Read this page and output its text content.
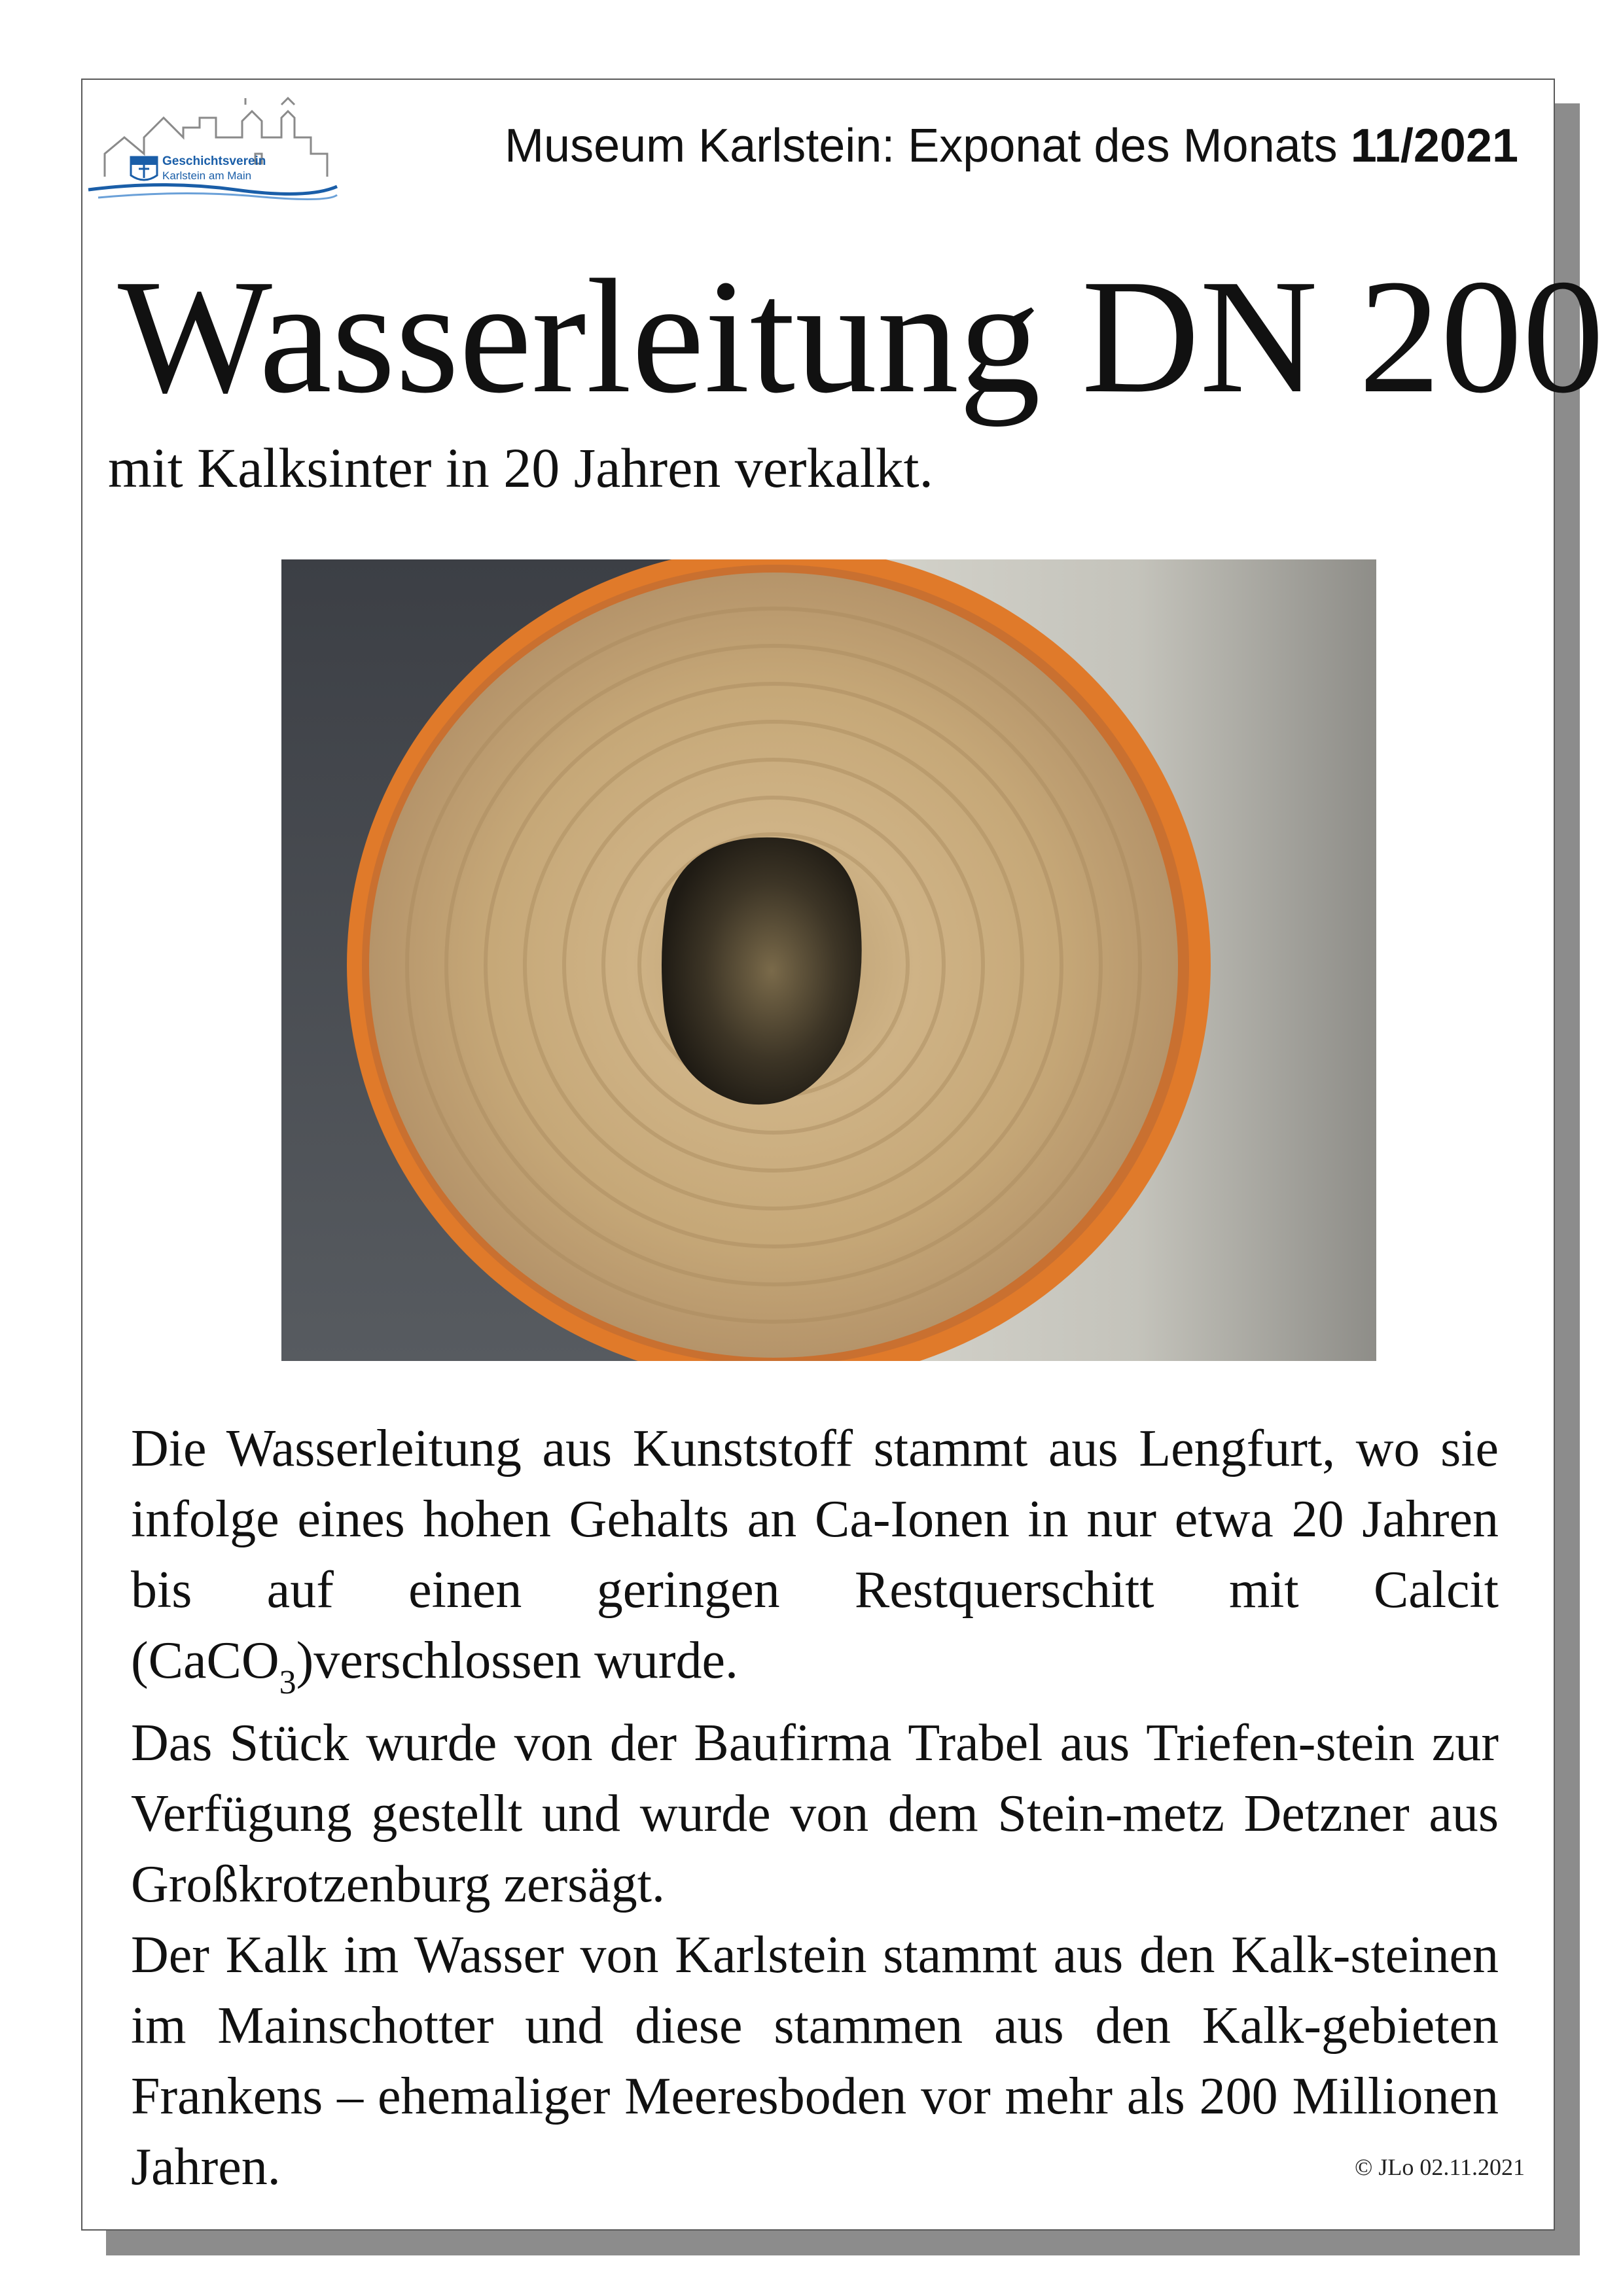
Geschichtsverein
Karlstein am Main
Museum Karlstein: Exponat des Monats 11/2021
Wasserleitung DN 200
mit Kalksinter in 20 Jahren verkalkt.

Die Wasserleitung aus Kunststoff stammt aus Lengfurt, wo sie infolge eines hohen Gehalts an Ca-Ionen in nur etwa 20 Jahren bis auf einen geringen Restquerschitt mit Calcit (CaCO$_3$)verschlossen wurde.

Das Stück wurde von der Baufirma Trabel aus Triefen-stein zur Verfügung gestellt und wurde von dem Stein-metz Detzner aus Großkrotzenburg zersägt.

Der Kalk im Wasser von Karlstein stammt aus den Kalk-steinen im Mainschotter und diese stammen aus den Kalk-gebieten Frankens – ehemaliger Meeresboden vor mehr als 200 Millionen Jahren.	© JLo 02.11.2021
